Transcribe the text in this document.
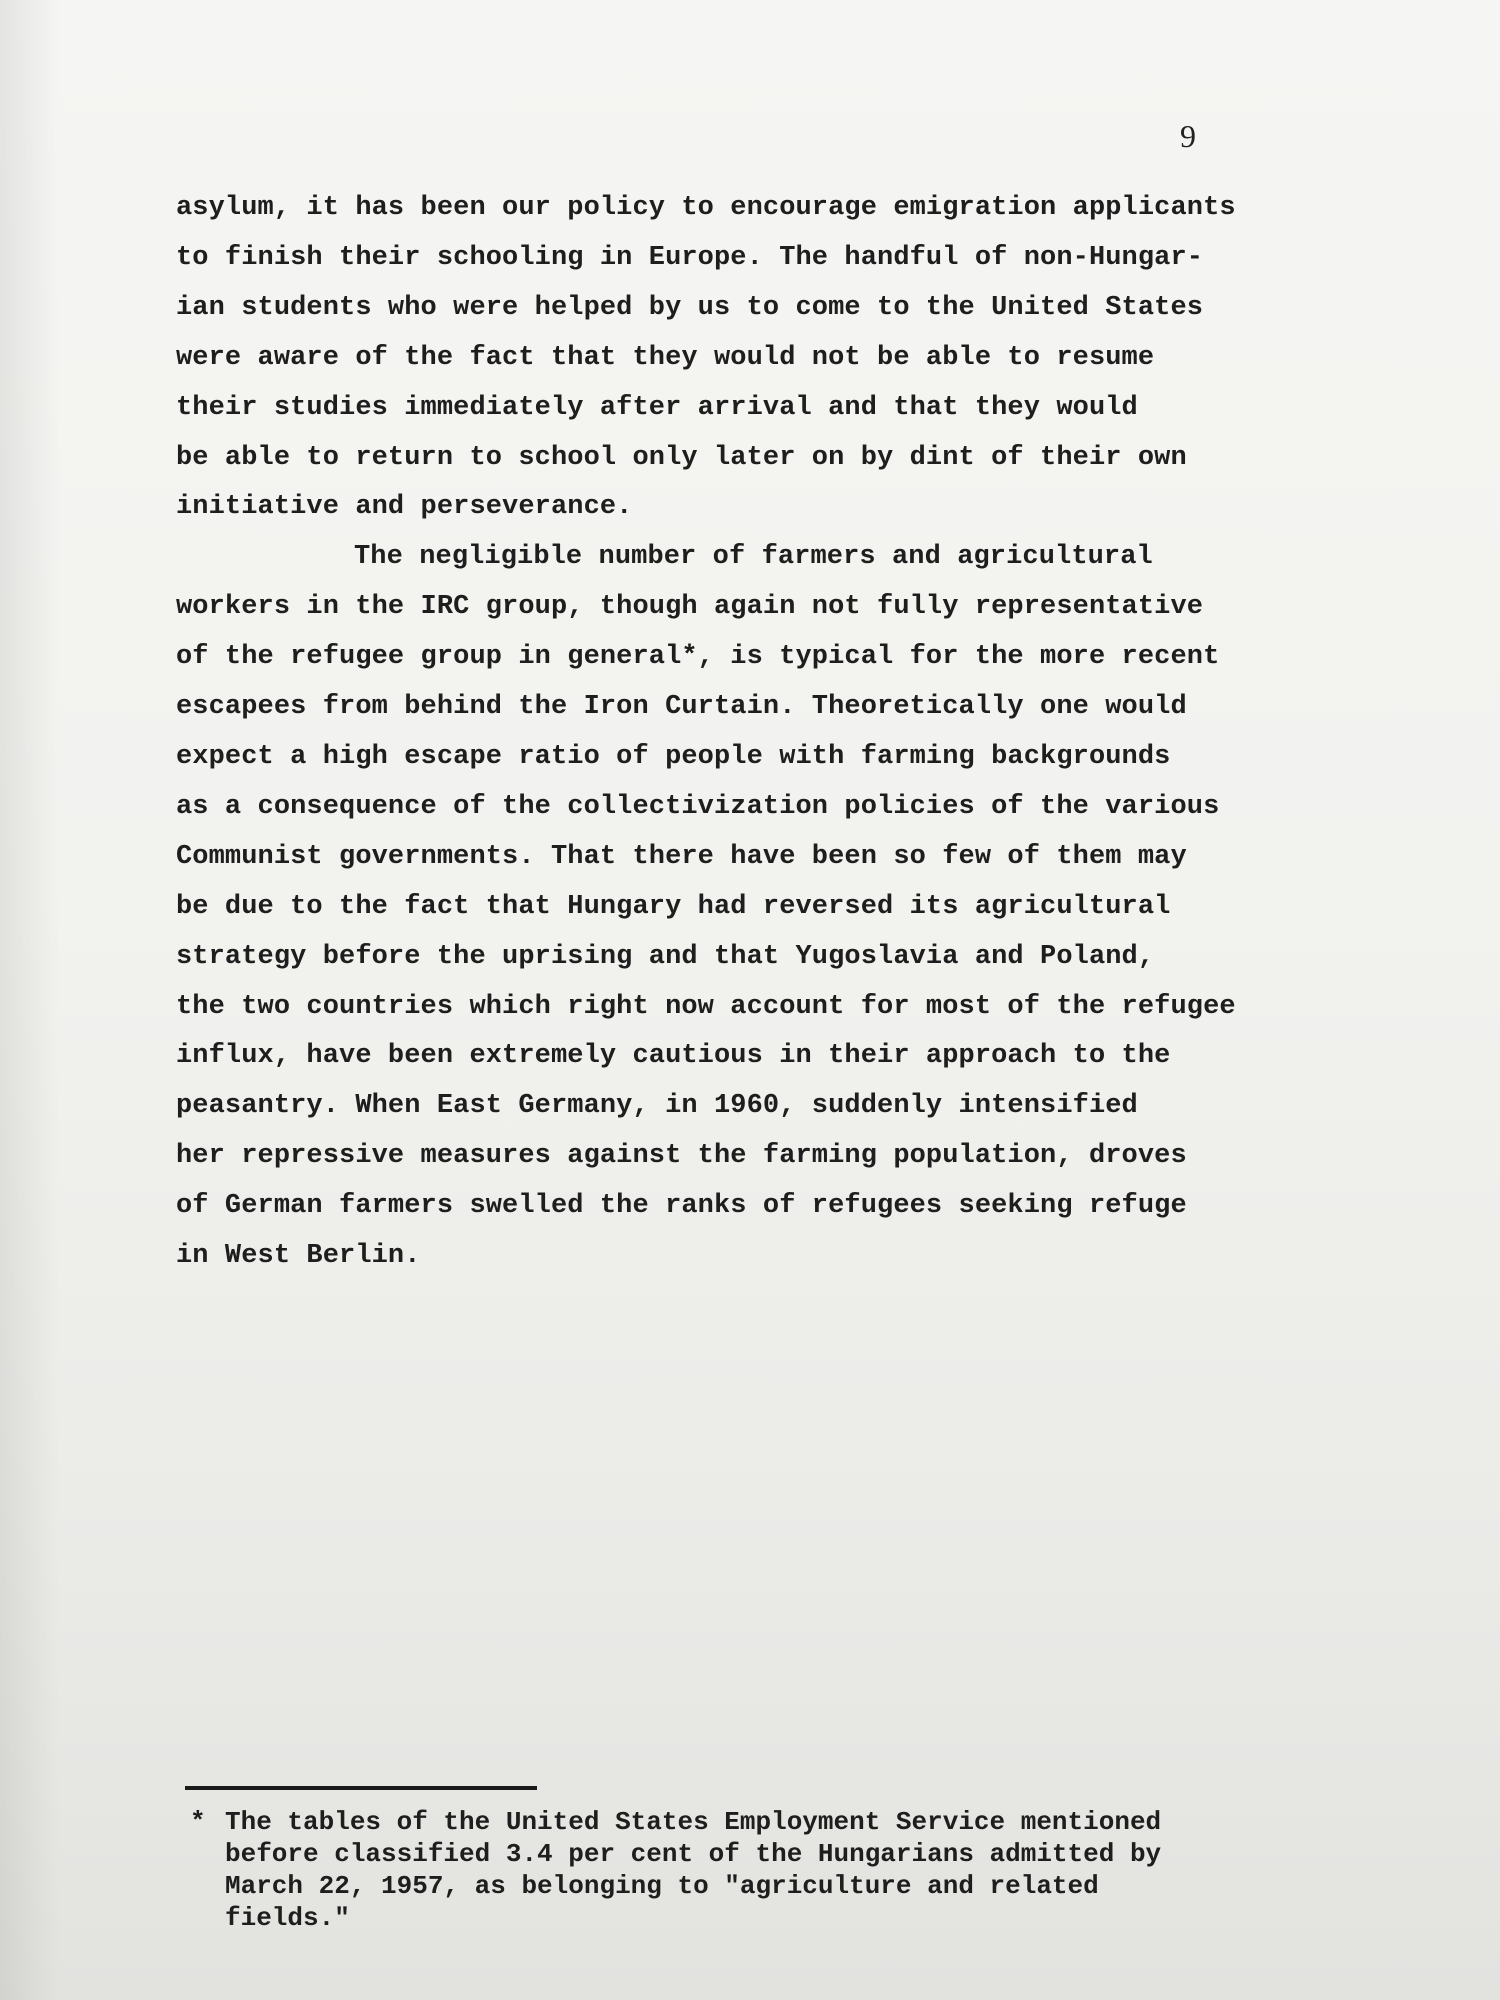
9
asylum, it has been our policy to encourage emigration applicants
to finish their schooling in Europe. The handful of non-Hungar-
ian students who were helped by us to come to the United States
were aware of the fact that they would not be able to resume
their studies immediately after arrival and that they would
be able to return to school only later on by dint of their own
initiative and perseverance.
The negligible number of farmers and agricultural
workers in the IRC group, though again not fully representative
of the refugee group in general*, is typical for the more recent
escapees from behind the Iron Curtain. Theoretically one would
expect a high escape ratio of people with farming backgrounds
as a consequence of the collectivization policies of the various
Communist governments. That there have been so few of them may
be due to the fact that Hungary had reversed its agricultural
strategy before the uprising and that Yugoslavia and Poland,
the two countries which right now account for most of the refugee
influx, have been extremely cautious in their approach to the
peasantry. When East Germany, in 1960, suddenly intensified
her repressive measures against the farming population, droves
of German farmers swelled the ranks of refugees seeking refuge
in West Berlin.
* The tables of the United States Employment Service mentioned
before classified 3.4 per cent of the Hungarians admitted by
March 22, 1957, as belonging to "agriculture and related
fields."
